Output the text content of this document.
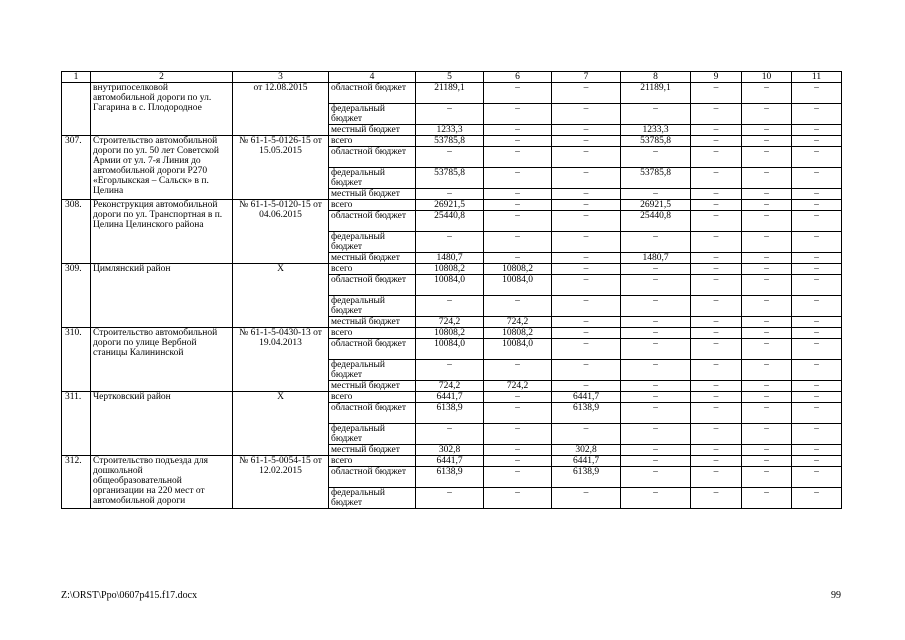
1	2	3	4	5	6	7	8	9	10	11
	внутрипоселковой автомобильной дороги по ул. Гагарина в с. Плодородное	от 12.08.2015	областной бюджет	21189,1	–	–	21189,1	–	–	–
			федеральный бюджет	–	–	–	–	–	–	–
			местный бюджет	1233,3	–	–	1233,3	–	–	–
307.	Строительство автомобильной дороги по ул. 50 лет Советской Армии от ул. 7-я Линия до автомобильной дороги Р270 «Егорлыкская – Сальск» в п. Целина	№ 61-1-5-0126-15 от 15.05.2015	всего	53785,8	–	–	53785,8	–	–	–
			областной бюджет	–	–	–	–	–	–	–
			федеральный бюджет	53785,8	–	–	53785,8	–	–	–
			местный бюджет	–	–	–	–	–	–	–
308.	Реконструкция автомобильной дороги по ул. Транспортная в п. Целина Целинского района	№ 61-1-5-0120-15 от 04.06.2015	всего	26921,5	–	–	26921,5	–	–	–
			областной бюджет	25440,8	–	–	25440,8	–	–	–
			федеральный бюджет	–	–	–	–	–	–	–
			местный бюджет	1480,7	–	–	1480,7	–	–	–
309.	Цимлянский район	Х	всего	10808,2	10808,2	–	–	–	–	–
			областной бюджет	10084,0	10084,0	–	–	–	–	–
			федеральный бюджет	–	–	–	–	–	–	–
			местный бюджет	724,2	724,2	–	–	–	–	–
310.	Строительство автомобильной дороги по улице Вербной станицы Калининской	№ 61-1-5-0430-13 от 19.04.2013	всего	10808,2	10808,2	–	–	–	–	–
			областной бюджет	10084,0	10084,0	–	–	–	–	–
			федеральный бюджет	–	–	–	–	–	–	–
			местный бюджет	724,2	724,2	–	–	–	–	–
311.	Чертковский район	Х	всего	6441,7	–	6441,7	–	–	–	–
			областной бюджет	6138,9	–	6138,9	–	–	–	–
			федеральный бюджет	–	–	–	–	–	–	–
			местный бюджет	302,8	–	302,8	–	–	–	–
312.	Строительство подъезда для дошкольной общеобразовательной организации на 220 мест от автомобильной дороги	№ 61-1-5-0054-15 от 12.02.2015	всего	6441,7	–	6441,7	–	–	–	–
			областной бюджет	6138,9	–	6138,9	–	–	–	–
			федеральный бюджет	–	–	–	–	–	–	–
Z:\ORST\Ppo\0607p415.f17.docx	99
